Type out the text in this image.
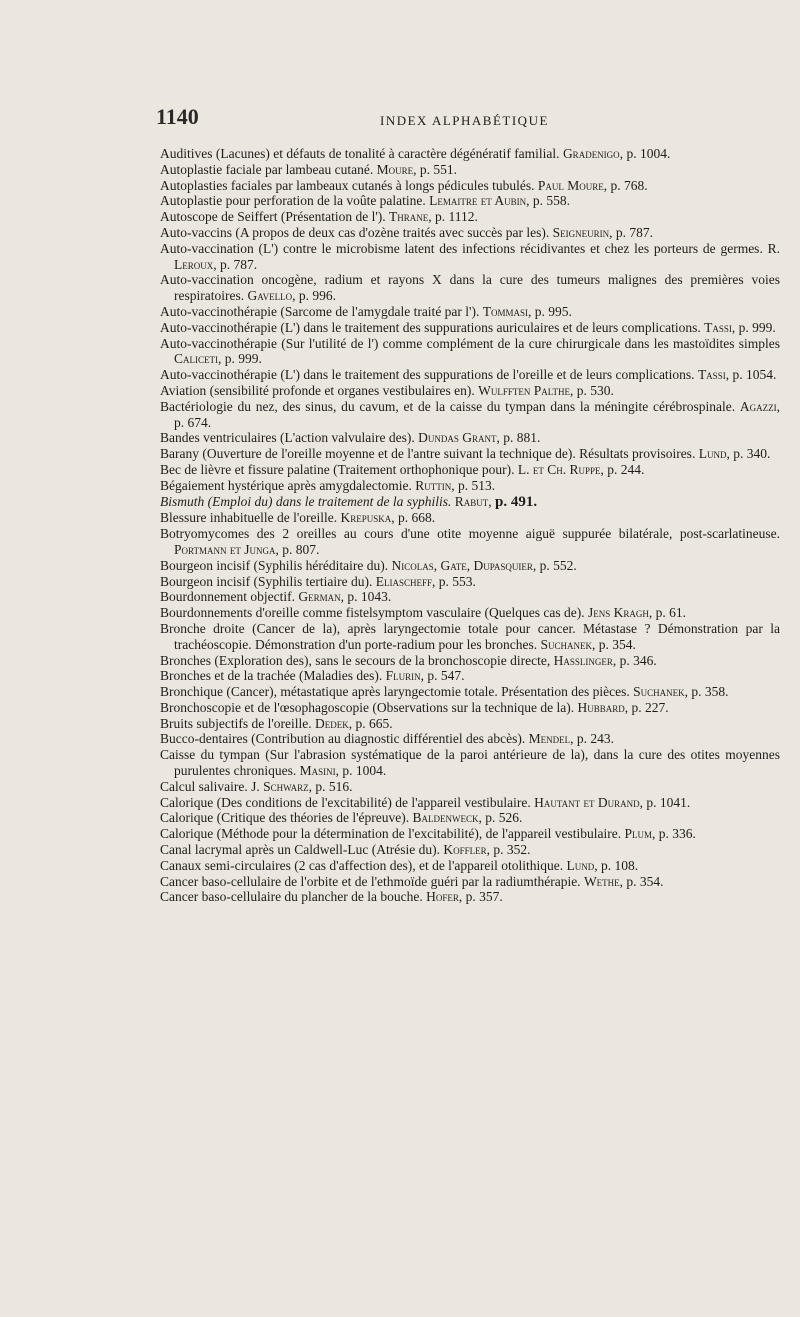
1140	INDEX ALPHABÉTIQUE

Auditives (Lacunes) et défauts de tonalité à caractère dégénératif familial. Gradenigo, p. 1004.

Autoplastie faciale par lambeau cutané. Moure, p. 551.

Autoplasties faciales par lambeaux cutanés à longs pédicules tubulés. Paul Moure, p. 768.

Autoplastie pour perforation de la voûte palatine. Lemaitre et Aubin, p. 558.

Autoscope de Seiffert (Présentation de l'). Thrane, p. 1112.

Auto-vaccins (A propos de deux cas d'ozène traités avec succès par les). Seigneurin, p. 787.

Auto-vaccination (L') contre le microbisme latent des infections récidivantes et chez les porteurs de germes. R. Leroux, p. 787.

Auto-vaccination oncogène, radium et rayons X dans la cure des tumeurs malignes des premières voies respiratoires. Gavello, p. 996.

Auto-vaccinothérapie (Sarcome de l'amygdale traité par l'). Tommasi, p. 995.

Auto-vaccinothérapie (L') dans le traitement des suppurations auriculaires et de leurs complications. Tassi, p. 999.

Auto-vaccinothérapie (Sur l'utilité de l') comme complément de la cure chirurgicale dans les mastoïdites simples Caliceti, p. 999.

Auto-vaccinothérapie (L') dans le traitement des suppurations de l'oreille et de leurs complications. Tassi, p. 1054.

Aviation (sensibilité profonde et organes vestibulaires en). Wulfften Palthe, p. 530.

Bactériologie du nez, des sinus, du cavum, et de la caisse du tympan dans la méningite cérébrospinale. Agazzi, p. 674.

Bandes ventriculaires (L'action valvulaire des). Dundas Grant, p. 881.

Barany (Ouverture de l'oreille moyenne et de l'antre suivant la technique de). Résultats provisoires. Lund, p. 340.

Bec de lièvre et fissure palatine (Traitement orthophonique pour). L. et Ch. Ruppe, p. 244.

Bégaiement hystérique après amygdalectomie. Ruttin, p. 513.

Bismuth (Emploi du) dans le traitement de la syphilis. Rabut, p. 491.

Blessure inhabituelle de l'oreille. Krepuska, p. 668.

Botryomycomes des 2 oreilles au cours d'une otite moyenne aiguë suppurée bilatérale, post-scarlatineuse. Portmann et Junga, p. 807.

Bourgeon incisif (Syphilis héréditaire du). Nicolas, Gate, Dupasquier, p. 552.

Bourgeon incisif (Syphilis tertiaire du). Eliascheff, p. 553.

Bourdonnement objectif. German, p. 1043.

Bourdonnements d'oreille comme fistelsymptom vasculaire (Quelques cas de). Jens Kragh, p. 61.

Bronche droite (Cancer de la), après laryngectomie totale pour cancer. Métastase ? Démonstration par la trachéoscopie. Démonstration d'un porte-radium pour les bronches. Suchanek, p. 354.

Bronches (Exploration des), sans le secours de la bronchoscopie directe, Hasslinger, p. 346.

Bronches et de la trachée (Maladies des). Flurin, p. 547.

Bronchique (Cancer), métastatique après laryngectomie totale. Présentation des pièces. Suchanek, p. 358.

Bronchoscopie et de l'œsophagoscopie (Observations sur la technique de la). Hubbard, p. 227.

Bruits subjectifs de l'oreille. Dedek, p. 665.

Bucco-dentaires (Contribution au diagnostic différentiel des abcès). Mendel, p. 243.

Caisse du tympan (Sur l'abrasion systématique de la paroi antérieure de la), dans la cure des otites moyennes purulentes chroniques. Masini, p. 1004.

Calcul salivaire. J. Schwarz, p. 516.

Calorique (Des conditions de l'excitabilité) de l'appareil vestibulaire. Hautant et Durand, p. 1041.

Calorique (Critique des théories de l'épreuve). Baldenweck, p. 526.

Calorique (Méthode pour la détermination de l'excitabilité), de l'appareil vestibulaire. Plum, p. 336.

Canal lacrymal après un Caldwell-Luc (Atrésie du). Koffler, p. 352.

Canaux semi-circulaires (2 cas d'affection des), et de l'appareil otolithique. Lund, p. 108.

Cancer baso-cellulaire de l'orbite et de l'ethmoïde guéri par la radiumthérapie. Wethe, p. 354.

Cancer baso-cellulaire du plancher de la bouche. Hofer, p. 357.
